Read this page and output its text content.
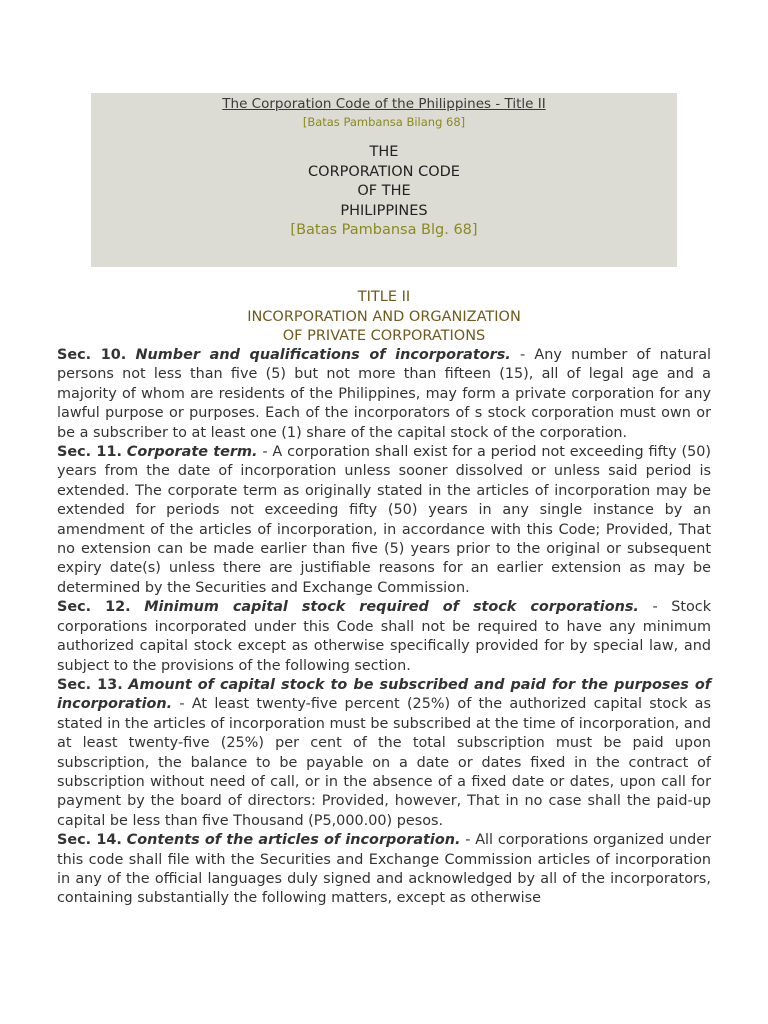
The Corporation Code of the Philippines - Title II
[Batas Pambansa Bilang 68]
THE
CORPORATION CODE
OF THE
PHILIPPINES
[Batas Pambansa Blg. 68]
TITLE II
INCORPORATION AND ORGANIZATION
OF PRIVATE CORPORATIONS

Sec. 10. Number and qualifications of incorporators. - Any number of natural persons not less than five (5) but not more than fifteen (15), all of legal age and a majority of whom are residents of the Philippines, may form a private corporation for any lawful purpose or purposes. Each of the incorporators of s stock corporation must own or be a subscriber to at least one (1) share of the capital stock of the corporation.

Sec. 11. Corporate term. - A corporation shall exist for a period not exceeding fifty (50) years from the date of incorporation unless sooner dissolved or unless said period is extended. The corporate term as originally stated in the articles of incorporation may be extended for periods not exceeding fifty (50) years in any single instance by an amendment of the articles of incorporation, in accordance with this Code; Provided, That no extension can be made earlier than five (5) years prior to the original or subsequent expiry date(s) unless there are justifiable reasons for an earlier extension as may be determined by the Securities and Exchange Commission.

Sec. 12. Minimum capital stock required of stock corporations. - Stock corporations incorporated under this Code shall not be required to have any minimum authorized capital stock except as otherwise specifically provided for by special law, and subject to the provisions of the following section.

Sec. 13. Amount of capital stock to be subscribed and paid for the purposes of incorporation. - At least twenty-five percent (25%) of the authorized capital stock as stated in the articles of incorporation must be subscribed at the time of incorporation, and at least twenty-five (25%) per cent of the total subscription must be paid upon subscription, the balance to be payable on a date or dates fixed in the contract of subscription without need of call, or in the absence of a fixed date or dates, upon call for payment by the board of directors: Provided, however, That in no case shall the paid-up capital be less than five Thousand (P5,000.00) pesos.

Sec. 14. Contents of the articles of incorporation. - All corporations organized under this code shall file with the Securities and Exchange Commission articles of incorporation in any of the official languages duly signed and acknowledged by all of the incorporators, containing substantially the following matters, except as otherwise
